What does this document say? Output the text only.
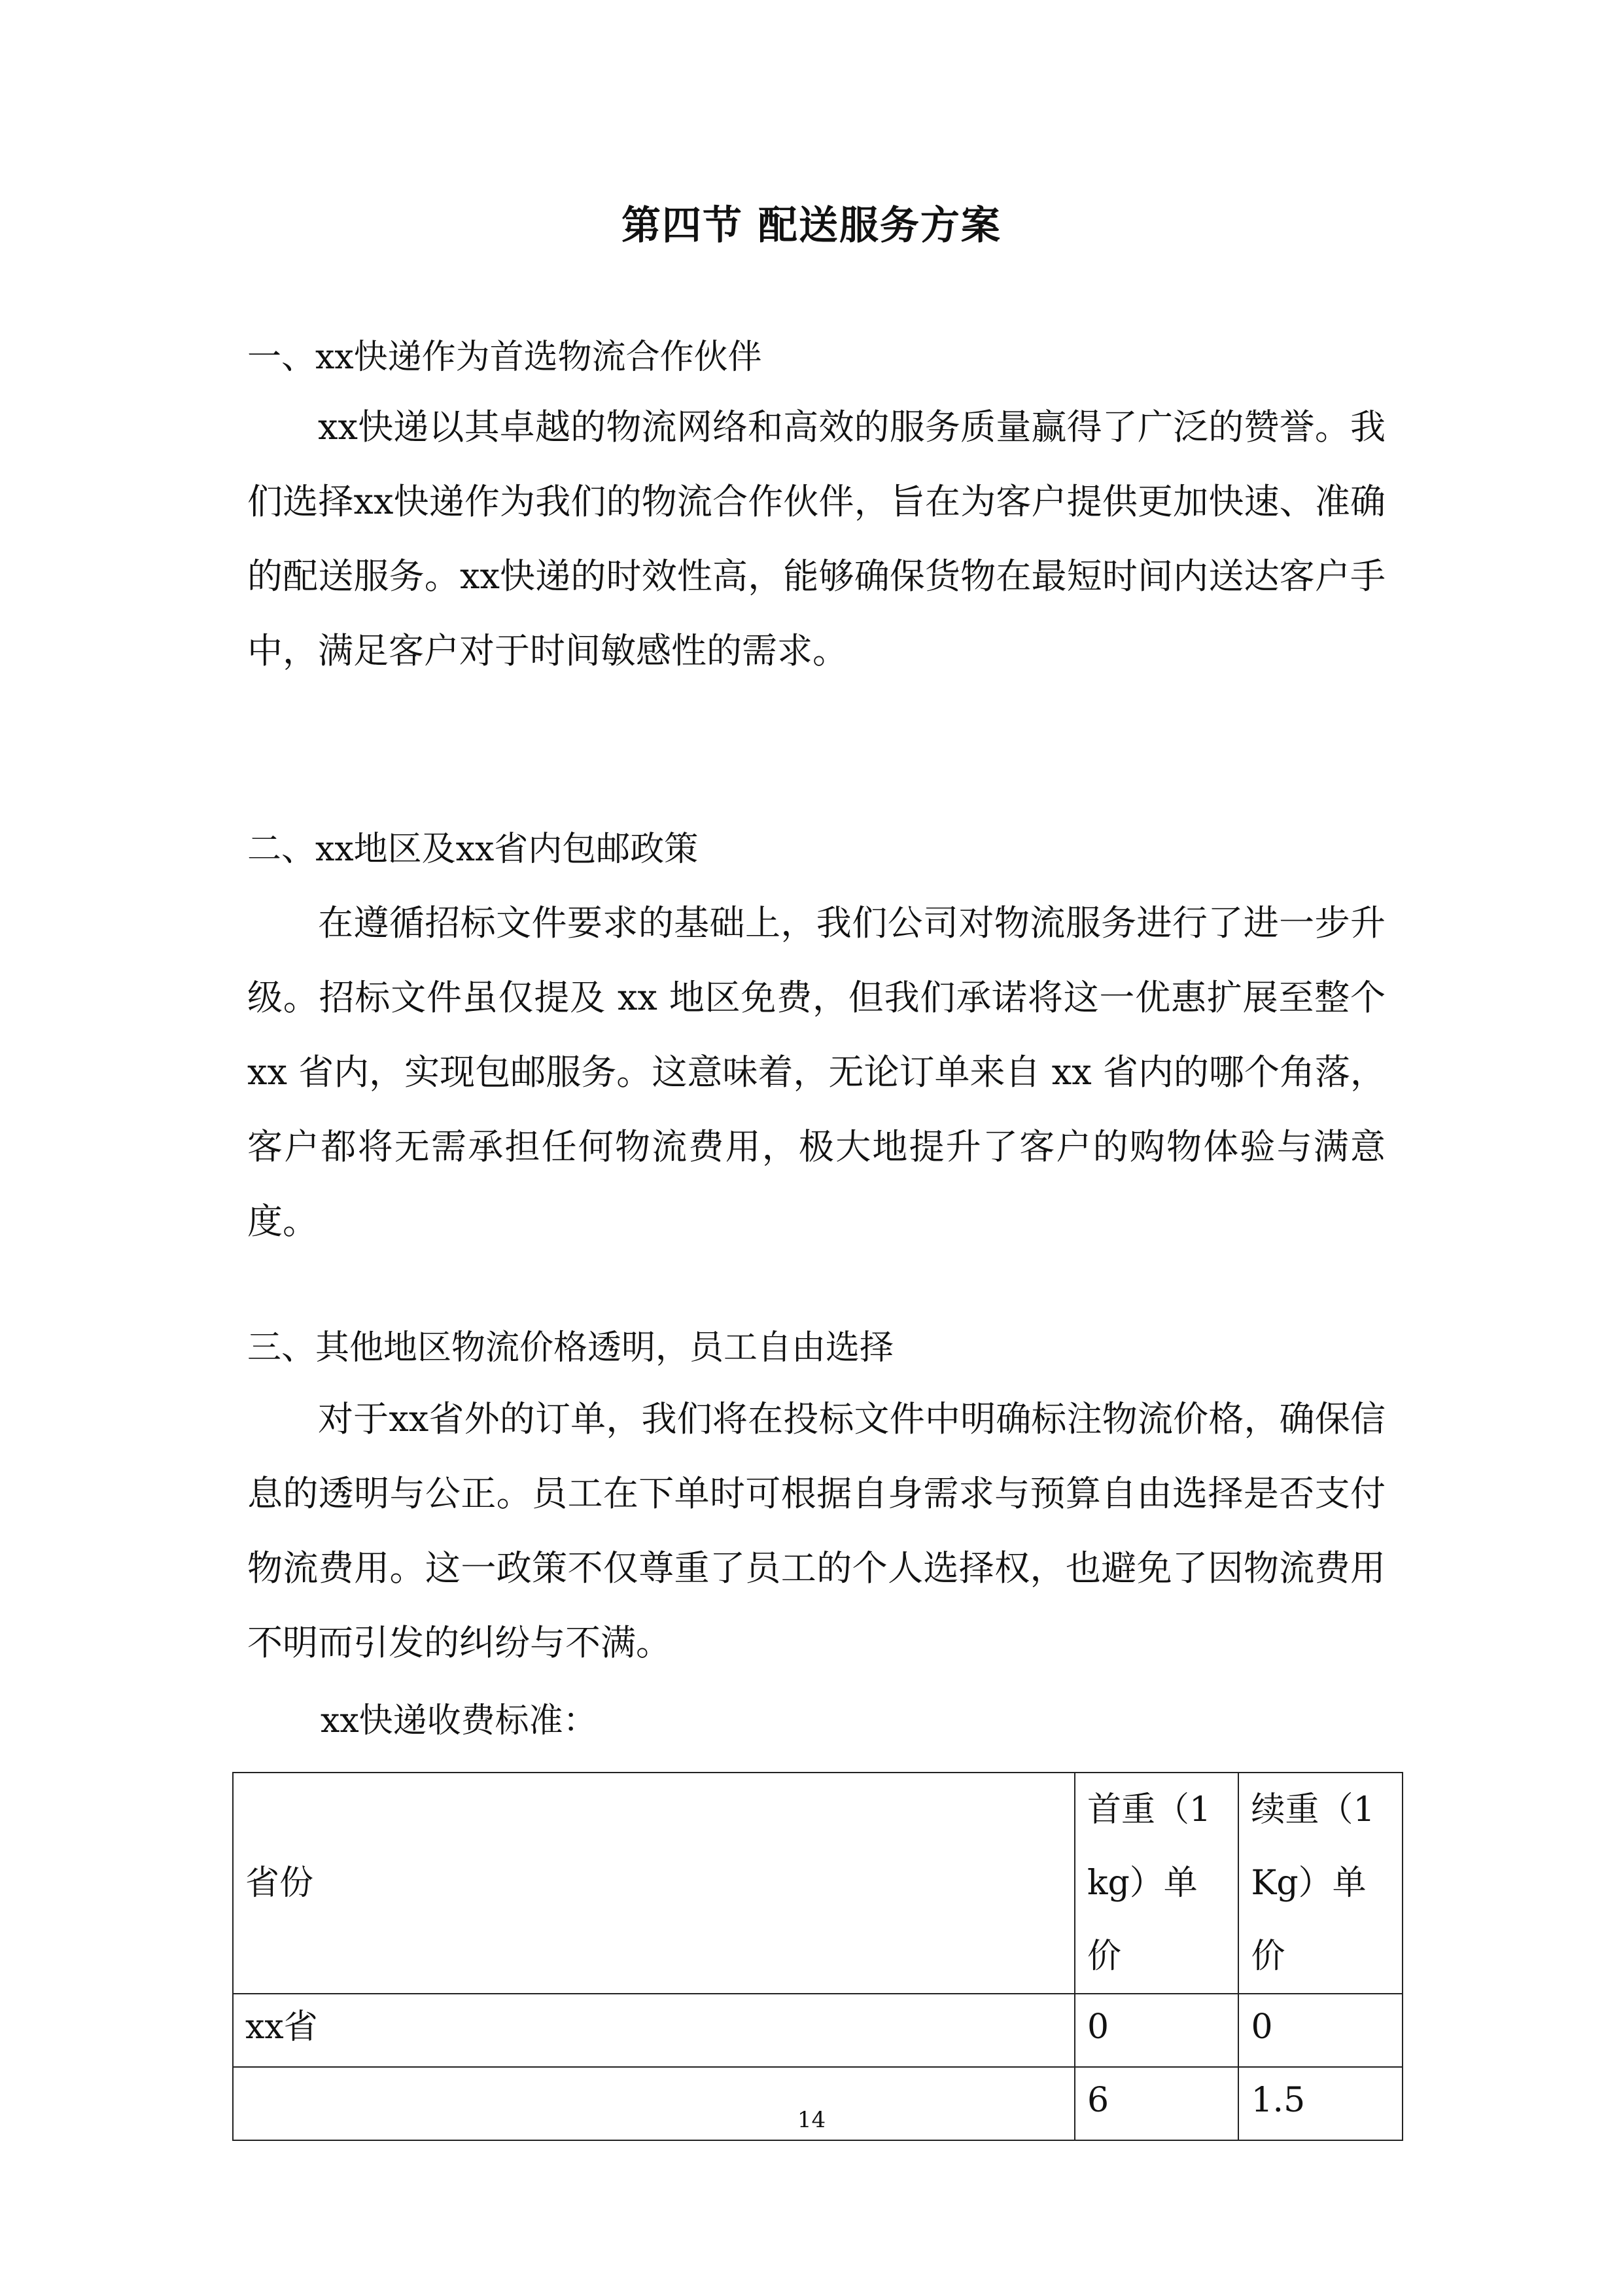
第四节 配送服务方案
一、xx快递作为首选物流合作伙伴

xx快递以其卓越的物流网络和高效的服务质量赢得了广泛的赞誉。我们选择xx快递作为我们的物流合作伙伴，旨在为客户提供更加快速、准确的配送服务。xx快递的时效性高，能够确保货物在最短时间内送达客户手中，满足客户对于时间敏感性的需求。

二、xx地区及xx省内包邮政策

在遵循招标文件要求的基础上，我们公司对物流服务进行了进一步升级。招标文件虽仅提及 xx 地区免费，但我们承诺将这一优惠扩展至整个 xx 省内，实现包邮服务。这意味着，无论订单来自 xx 省内的哪个角落，客户都将无需承担任何物流费用，极大地提升了客户的购物体验与满意度。

三、其他地区物流价格透明，员工自由选择

对于xx省外的订单，我们将在投标文件中明确标注物流价格，确保信息的透明与公正。员工在下单时可根据自身需求与预算自由选择是否支付物流费用。这一政策不仅尊重了员工的个人选择权，也避免了因物流费用不明而引发的纠纷与不满。

xx快递收费标准：
省份	首重（1kg）单价	续重（1Kg）单价
xx省	0	0
	6	1.5
14
